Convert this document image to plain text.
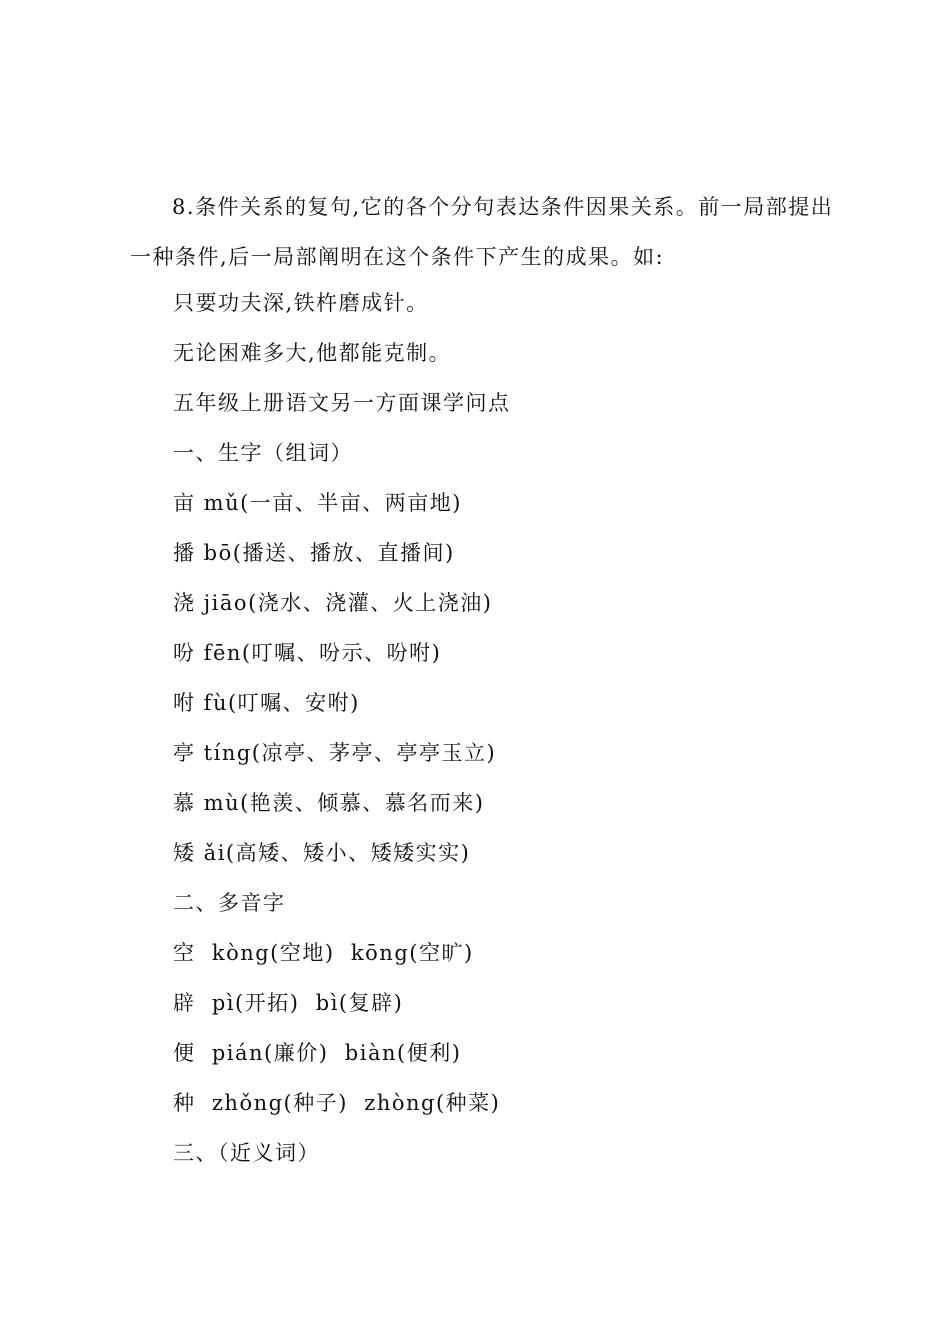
8.条件关系的复句,它的各个分句表达条件因果关系。前一局部提出一种条件,后一局部阐明在这个条件下产生的成果。如:

只要功夫深,铁杵磨成针。

无论困难多大,他都能克制。

五年级上册语文另一方面课学问点

一、生字（组词）

亩 mǔ(一亩、半亩、两亩地)

播 bō(播送、播放、直播间)

浇 jiāo(浇水、浇灌、火上浇油)

吩 fēn(叮嘱、吩示、吩咐)

咐 fù(叮嘱、安咐)

亭 tíng(凉亭、茅亭、亭亭玉立)

慕 mù(艳羡、倾慕、慕名而来)

矮 ǎi(高矮、矮小、矮矮实实)

二、多音字

空  kòng(空地)  kōng(空旷)

辟  pì(开拓)  bì(复辟)

便  pián(廉价)  biàn(便利)

种  zhǒng(种子)  zhòng(种菜)

三、（近义词）
